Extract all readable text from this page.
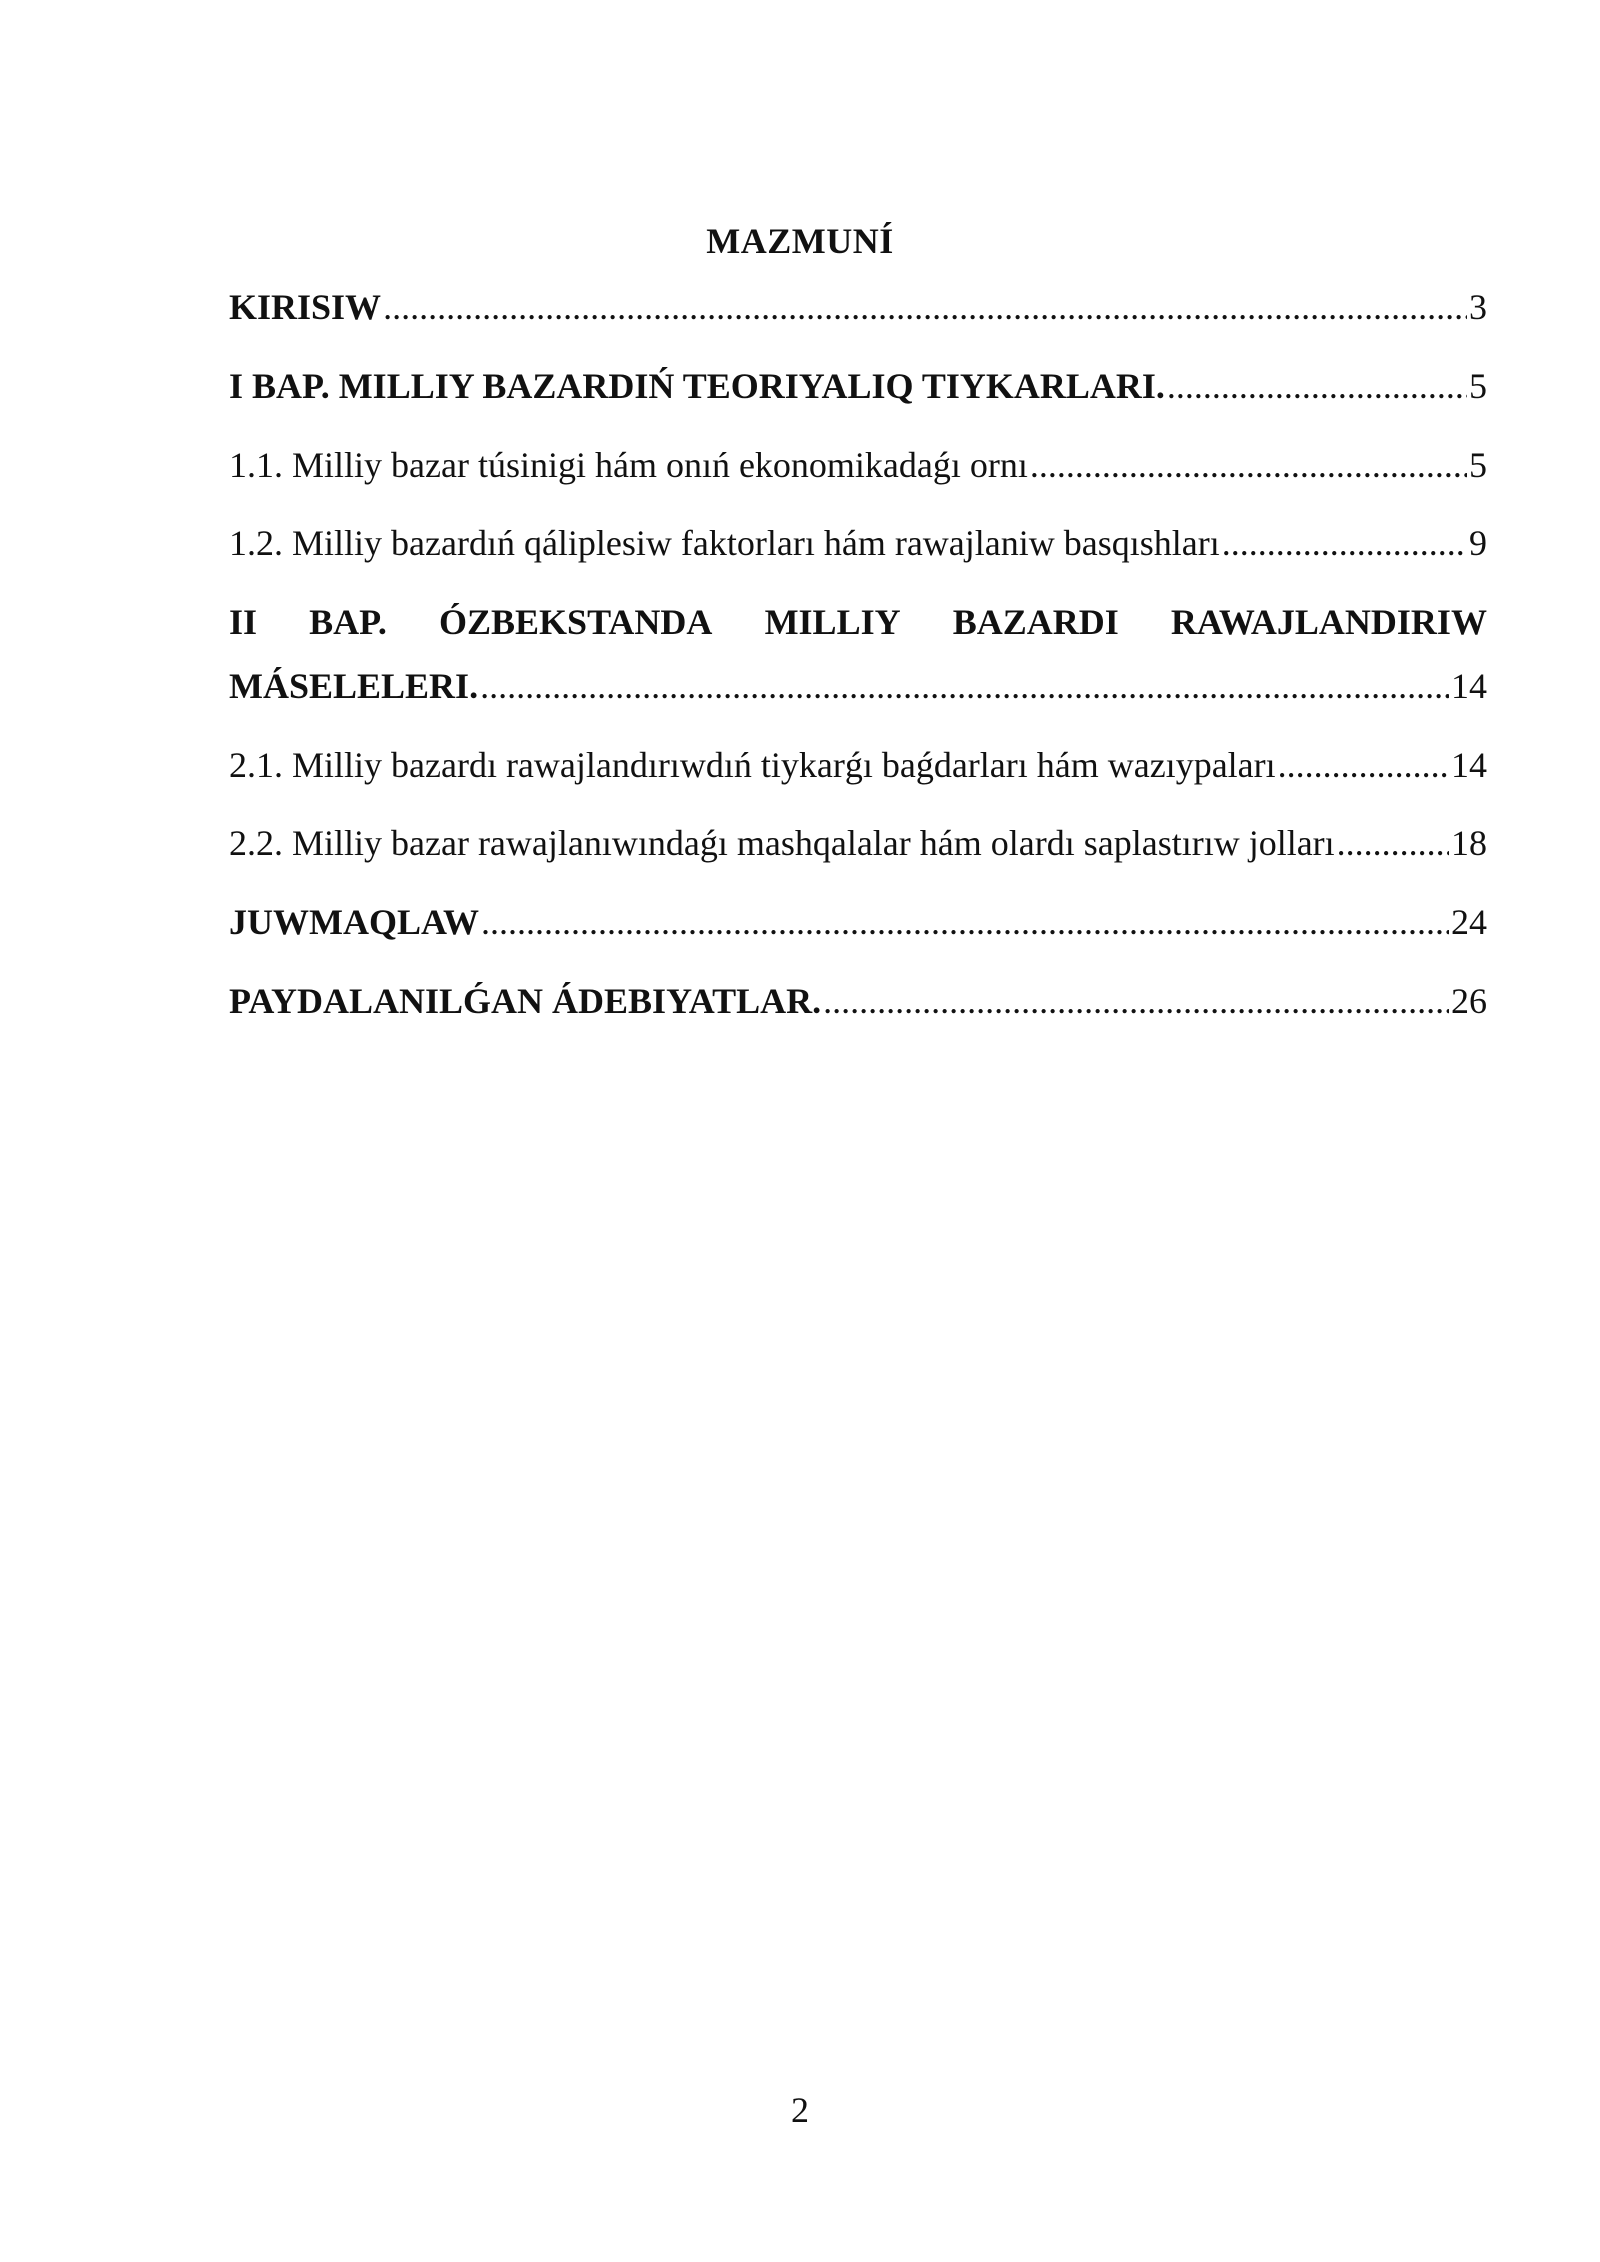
MAZMUNÍ
KIRISIW .....	3
I BAP. MILLIY BAZARDIŃ TEORIYALIQ TIYKARLARI. .....	5
1.1. Milliy bazar túsinigi hám onıń ekonomikadaǵı ornı .....	5
1.2. Milliy bazardıń qáliplesiw faktorları hám rawajlaniw basqıshları .....	9
II BAP. ÓZBEKSTANDA MILLIY BAZARDI RAWAJLANDIRIW
MÁSELELERI. .....	14
2.1. Milliy bazardı rawajlandırıwdıń tiykarǵı baǵdarları hám wazıypaları .....	14
2.2. Milliy bazar rawajlanıwındaǵı mashqalalar hám olardı saplastırıw jolları .....	18
JUWMAQLAW .....	24
PAYDALANILǴAN ÁDEBIYATLAR. .....	26
2
